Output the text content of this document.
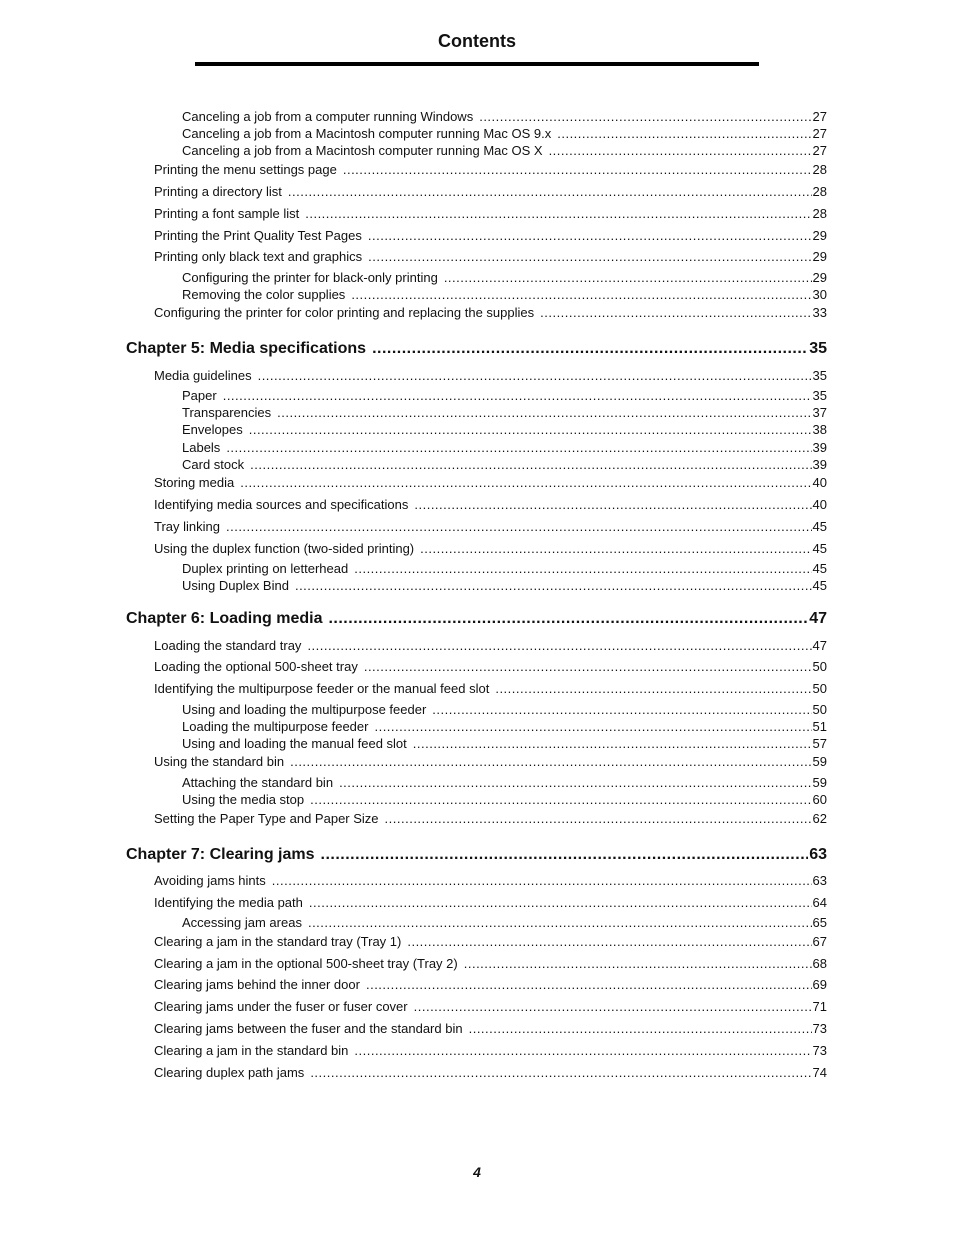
Contents
Canceling a job from a computer running Windows .....	27
Canceling a job from a Macintosh computer running Mac OS 9.x .....	27
Canceling a job from a Macintosh computer running Mac OS X .....	27
Printing the menu settings page .....	28
Printing a directory list .....	28
Printing a font sample list .....	28
Printing the Print Quality Test Pages .....	29
Printing only black text and graphics .....	29
Configuring the printer for black-only printing .....	29
Removing the color supplies .....	30
Configuring the printer for color printing and replacing the supplies .....	33
Chapter 5: Media specifications .....	35
Media guidelines .....	35
Paper .....	35
Transparencies .....	37
Envelopes .....	38
Labels .....	39
Card stock .....	39
Storing media .....	40
Identifying media sources and specifications .....	40
Tray linking .....	45
Using the duplex function (two-sided printing) .....	45
Duplex printing on letterhead .....	45
Using Duplex Bind .....	45
Chapter 6: Loading media .....	47
Loading the standard tray .....	47
Loading the optional 500-sheet tray .....	50
Identifying the multipurpose feeder or the manual feed slot .....	50
Using and loading the multipurpose feeder .....	50
Loading the multipurpose feeder .....	51
Using and loading the manual feed slot .....	57
Using the standard bin .....	59
Attaching the standard bin .....	59
Using the media stop .....	60
Setting the Paper Type and Paper Size .....	62
Chapter 7: Clearing jams .....	63
Avoiding jams hints .....	63
Identifying the media path .....	64
Accessing jam areas .....	65
Clearing a jam in the standard tray (Tray 1) .....	67
Clearing a jam in the optional 500-sheet tray (Tray 2) .....	68
Clearing jams behind the inner door .....	69
Clearing jams under the fuser or fuser cover .....	71
Clearing jams between the fuser and the standard bin .....	73
Clearing a jam in the standard bin .....	73
Clearing duplex path jams .....	74
4
